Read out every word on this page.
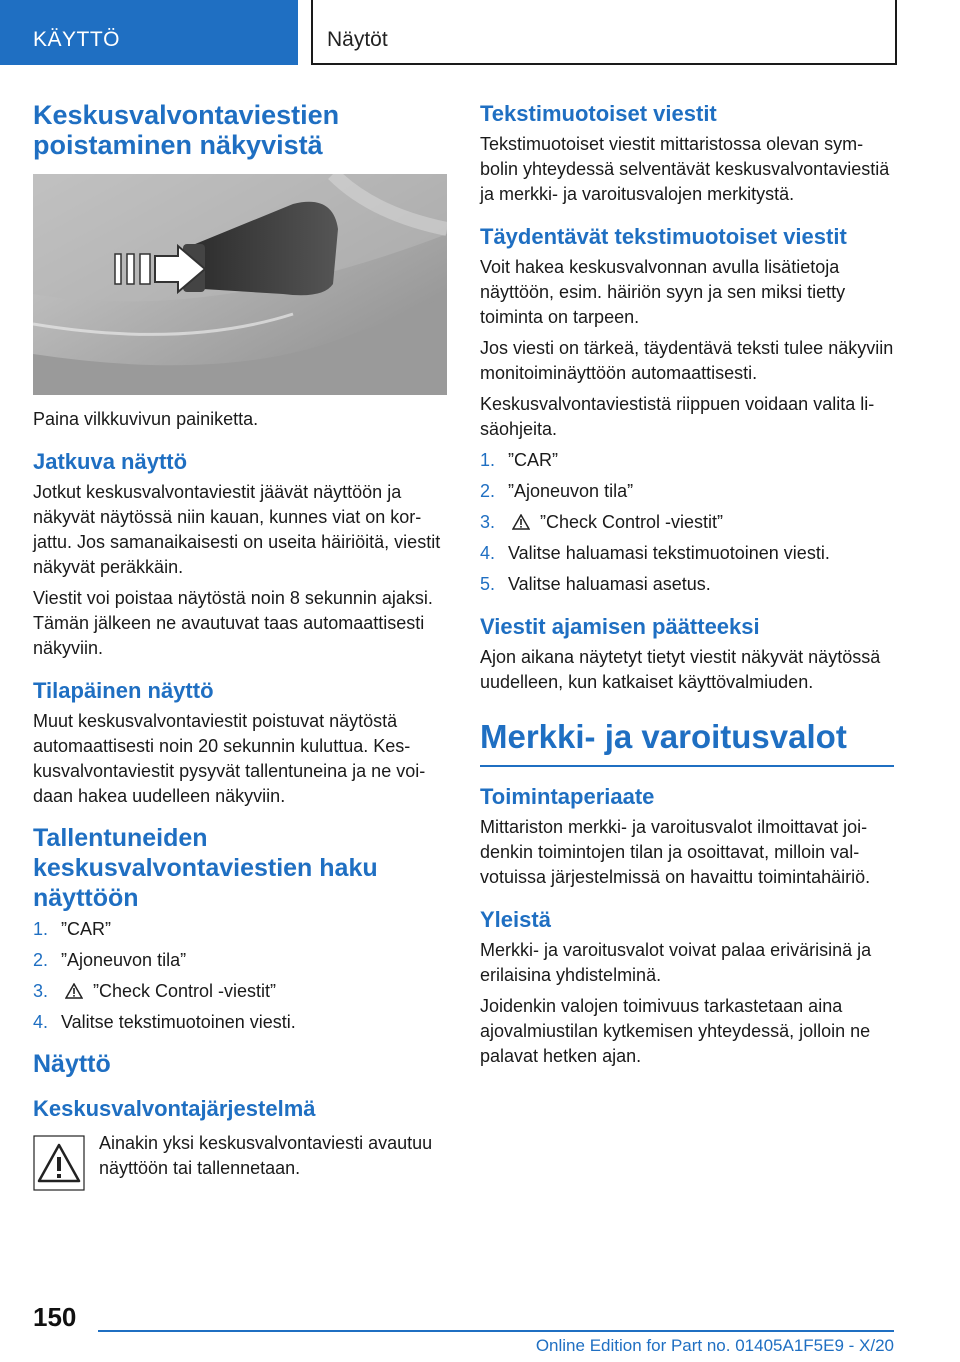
KÄYTTÖ	Näytöt
Keskusvalvontaviestien poistaminen näkyvistä

Paina vilkkuvivun painiketta.

Jatkuva näyttö

Jotkut keskusvalvontaviestit jäävät näyttöön ja näkyvät näytössä niin kauan, kunnes viat on korjattu. Jos samanaikaisesti on useita häiriöitä, viestit näkyvät peräkkäin.

Viestit voi poistaa näytöstä noin 8 sekunnin ajaksi. Tämän jälkeen ne avautuvat taas automaattisesti näkyviin.

Tilapäinen näyttö

Muut keskusvalvontaviestit poistuvat näytöstä automaattisesti noin 20 sekunnin kuluttua. Keskusvalvontaviestit pysyvät tallentuneina ja ne voidaan hakea uudelleen näkyviin.

Tallentuneiden keskusvalvontaviestien haku näyttöön
1. ”CAR”
2. ”Ajoneuvon tila”
3. ”Check Control -viestit”
4. Valitse tekstimuotoinen viesti.
Näyttö
Keskusvalvontajärjestelmä

Ainakin yksi keskusvalvontaviesti avautuu näyttöön tai tallennetaan.

Tekstimuotoiset viestit

Tekstimuotoiset viestit mittaristossa olevan symbolin yhteydessä selventävät keskusvalvontaviestiä ja merkki- ja varoitusvalojen merkitystä.

Täydentävät tekstimuotoiset viestit

Voit hakea keskusvalvonnan avulla lisätietoja näyttöön, esim. häiriön syyn ja sen miksi tietty toiminta on tarpeen.

Jos viesti on tärkeä, täydentävä teksti tulee näkyviin monitoiminäyttöön automaattisesti.

Keskusvalvontaviestistä riippuen voidaan valita lisäohjeita.

1. ”CAR”
2. ”Ajoneuvon tila”
3. ”Check Control -viestit”
4. Valitse haluamasi tekstimuotoinen viesti.
5. Valitse haluamasi asetus.
Viestit ajamisen päätteeksi

Ajon aikana näytetyt tietyt viestit näkyvät näytössä uudelleen, kun katkaiset käyttövalmiuden.

Merkki- ja varoitusvalot
Toimintaperiaate

Mittariston merkki- ja varoitusvalot ilmoittavat joidenkin toimintojen tilan ja osoittavat, milloin valvotuissa järjestelmissä on havaittu toimintahäiriö.

Yleistä

Merkki- ja varoitusvalot voivat palaa erivärisinä ja erilaisina yhdistelminä.

Joidenkin valojen toimivuus tarkastetaan aina ajovalmiustilan kytkemisen yhteydessä, jolloin ne palavat hetken ajan.

150
Online Edition for Part no. 01405A1F5E9 - X/20
